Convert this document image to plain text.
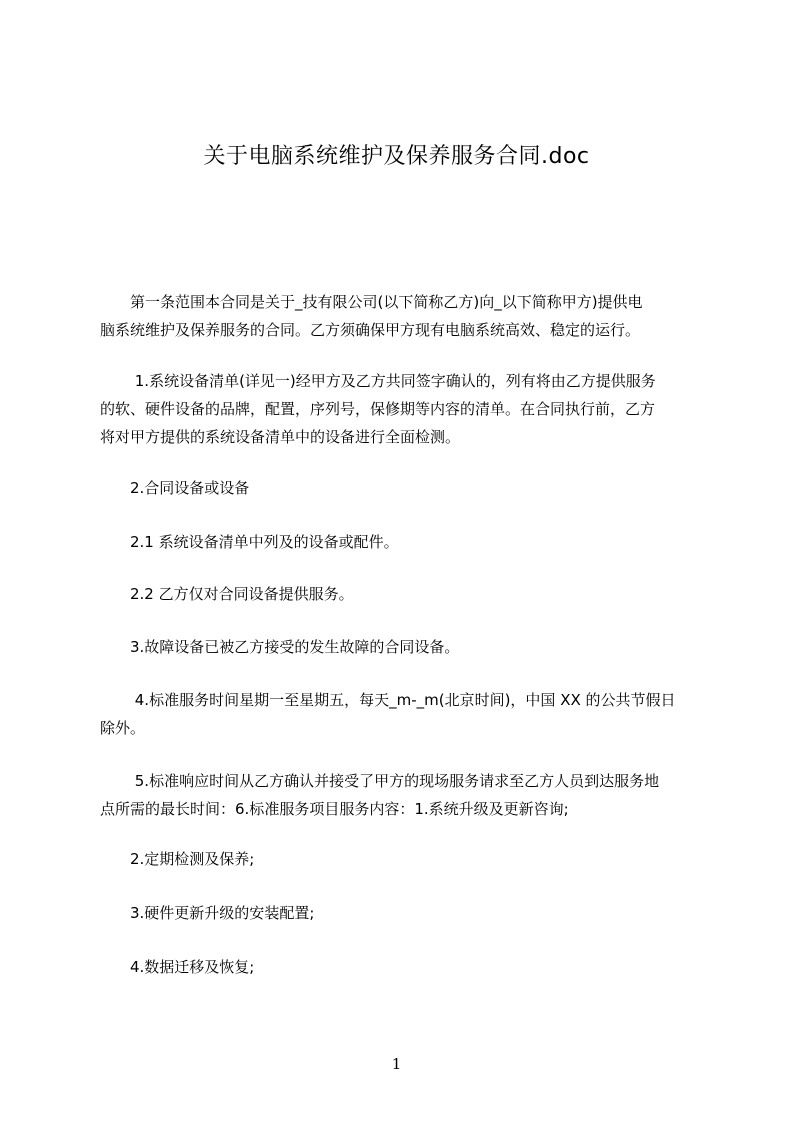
关于电脑系统维护及保养服务合同.doc
　　第一条范围本合同是关于_技有限公司(以下简称乙方)向_以下简称甲方)提供电
脑系统维护及保养服务的合同。乙方须确保甲方现有电脑系统高效、稳定的运行。
　　 1.系统设备清单(详见一)经甲方及乙方共同签字确认的，列有将由乙方提供服务
的软、硬件设备的品牌，配置，序列号，保修期等内容的清单。在合同执行前，乙方
将对甲方提供的系统设备清单中的设备进行全面检测。
　　2.合同设备或设备
　　2.1 系统设备清单中列及的设备或配件。
　　2.2 乙方仅对合同设备提供服务。
　　3.故障设备已被乙方接受的发生故障的合同设备。
　　 4.标准服务时间星期一至星期五，每天_m-_m(北京时间)，中国 XX 的公共节假日
除外。
　　 5.标准响应时间从乙方确认并接受了甲方的现场服务请求至乙方人员到达服务地
点所需的最长时间：6.标准服务项目服务内容：1.系统升级及更新咨询;
　　2.定期检测及保养;
　　3.硬件更新升级的安装配置;
　　4.数据迁移及恢复;
1
